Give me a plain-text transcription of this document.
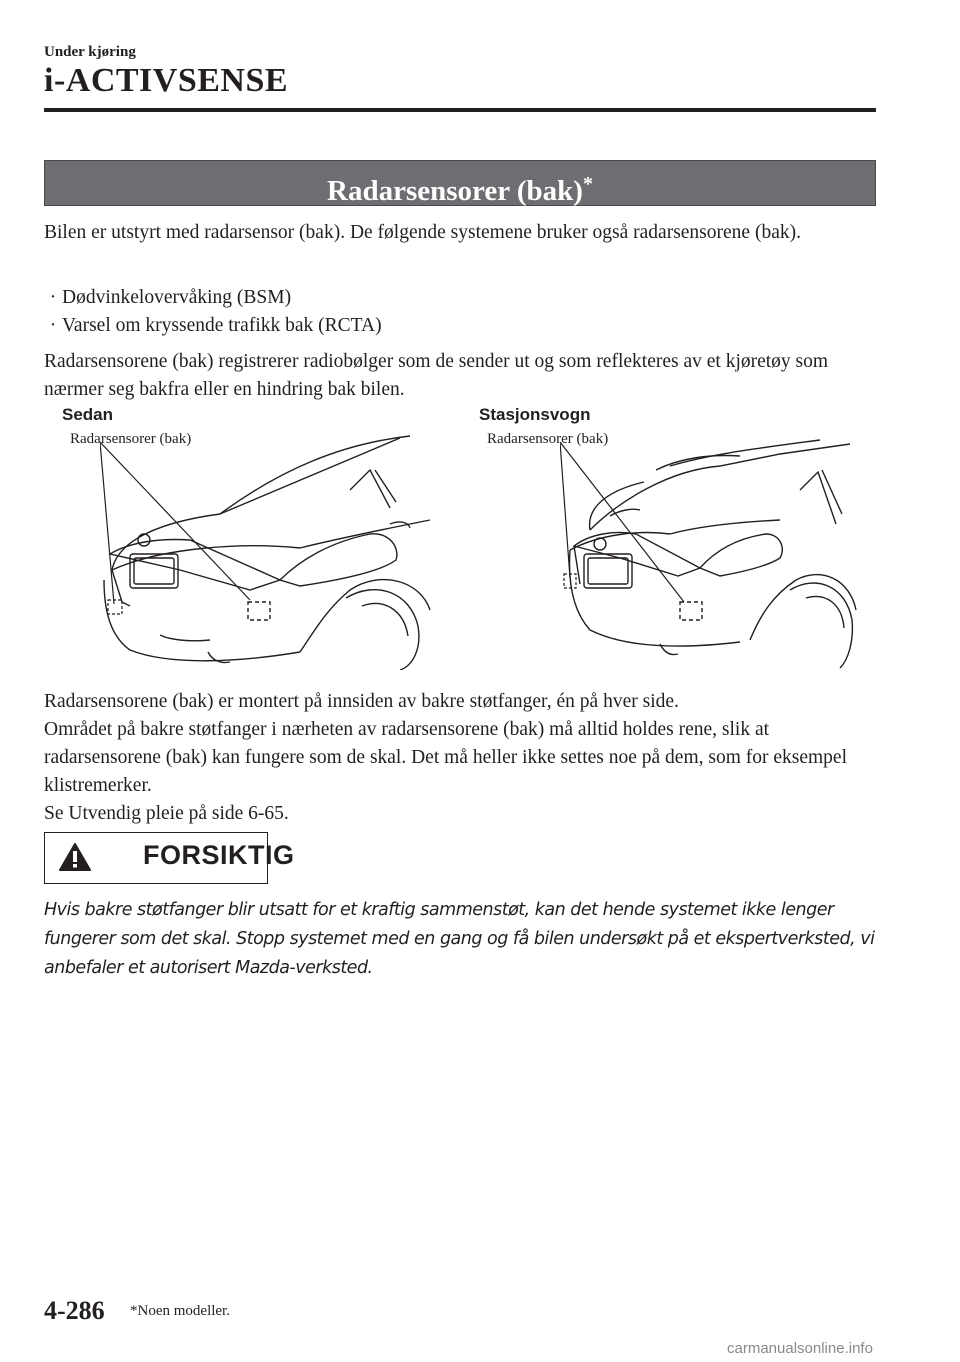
Under kjøring
i-ACTIVSENSE
Radarsensorer (bak)*

Bilen er utstyrt med radarsensor (bak). De følgende systemene bruker også radarsensorene (bak).

· Dødvinkelovervåking (BSM)
· Varsel om kryssende trafikk bak (RCTA)

Radarsensorene (bak) registrerer radiobølger som de sender ut og som reflekteres av et kjøretøy som nærmer seg bakfra eller en hindring bak bilen.

Sedan	Stasjonsvogn
Radarsensorer (bak)	Radarsensorer (bak)
Radarsensorene (bak) er montert på innsiden av bakre støtfanger, én på hver side.
Området på bakre støtfanger i nærheten av radarsensorene (bak) må alltid holdes rene, slik at radarsensorene (bak) kan fungere som de skal. Det må heller ikke settes noe på dem, som for eksempel klistremerker.
Se Utvendig pleie på side 6-65.
FORSIKTIG
Hvis bakre støtfanger blir utsatt for et kraftig sammenstøt, kan det hende systemet ikke lenger fungerer som det skal. Stopp systemet med en gang og få bilen undersøkt på et ekspertverksted, vi anbefaler et autorisert Mazda-verksted.
4-286 *Noen modeller.
carmanualsonline.info
